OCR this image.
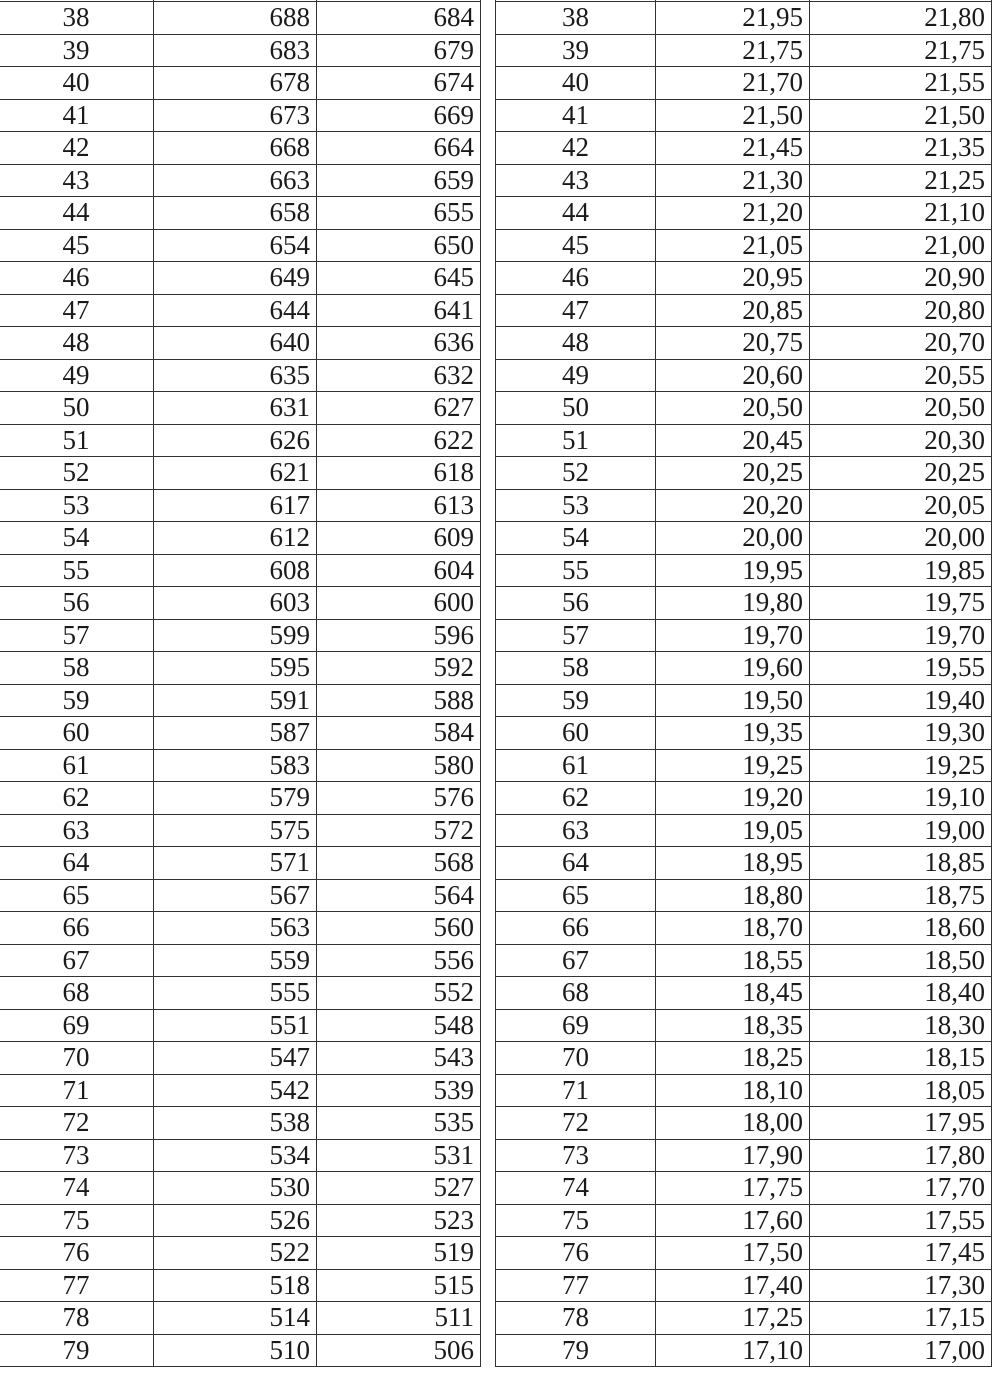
38	688	684
39	683	679
40	678	674
41	673	669
42	668	664
43	663	659
44	658	655
45	654	650
46	649	645
47	644	641
48	640	636
49	635	632
50	631	627
51	626	622
52	621	618
53	617	613
54	612	609
55	608	604
56	603	600
57	599	596
58	595	592
59	591	588
60	587	584
61	583	580
62	579	576
63	575	572
64	571	568
65	567	564
66	563	560
67	559	556
68	555	552
69	551	548
70	547	543
71	542	539
72	538	535
73	534	531
74	530	527
75	526	523
76	522	519
77	518	515
78	514	511
79	510	506

38	21,95	21,80
39	21,75	21,75
40	21,70	21,55
41	21,50	21,50
42	21,45	21,35
43	21,30	21,25
44	21,20	21,10
45	21,05	21,00
46	20,95	20,90
47	20,85	20,80
48	20,75	20,70
49	20,60	20,55
50	20,50	20,50
51	20,45	20,30
52	20,25	20,25
53	20,20	20,05
54	20,00	20,00
55	19,95	19,85
56	19,80	19,75
57	19,70	19,70
58	19,60	19,55
59	19,50	19,40
60	19,35	19,30
61	19,25	19,25
62	19,20	19,10
63	19,05	19,00
64	18,95	18,85
65	18,80	18,75
66	18,70	18,60
67	18,55	18,50
68	18,45	18,40
69	18,35	18,30
70	18,25	18,15
71	18,10	18,05
72	18,00	17,95
73	17,90	17,80
74	17,75	17,70
75	17,60	17,55
76	17,50	17,45
77	17,40	17,30
78	17,25	17,15
79	17,10	17,00
